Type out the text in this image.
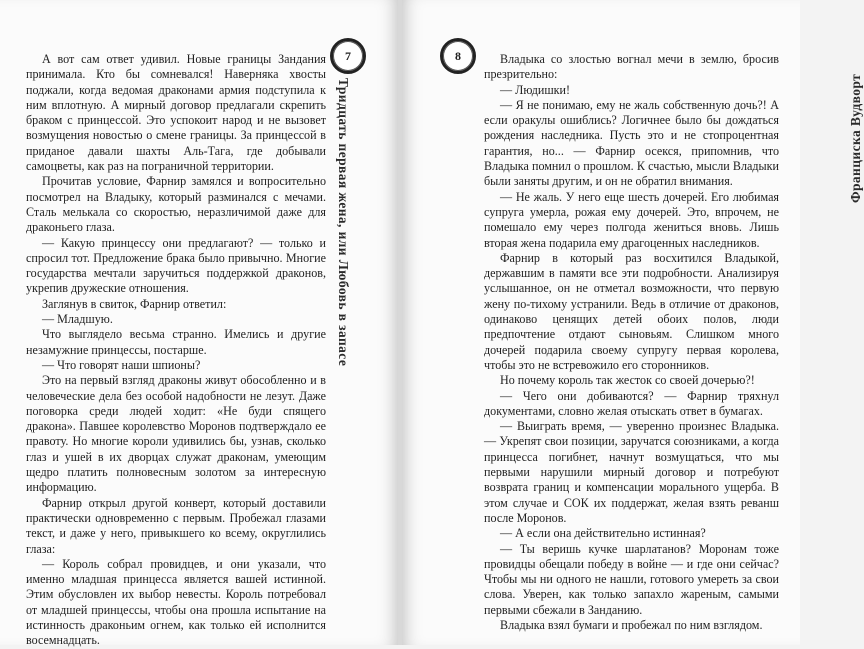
7
Тридцать первая жена, или Любовь в запасе

А вот сам ответ удивил. Новые границы Зандания принимала. Кто бы сомневался! Наверняка хвосты поджали, когда ведомая драконами армия подступила к ним вплотную. А мирный договор предлагали скрепить браком с принцессой. Это успокоит народ и не вызовет возмущения новостью о смене границы. За принцессой в приданое давали шахты Аль-Тага, где добывали самоцветы, как раз на пограничной территории.

Прочитав условие, Фарнир замялся и вопросительно посмотрел на Владыку, который разминался с мечами. Сталь мелькала со скоростью, неразличимой даже для драконьего глаза.

— Какую принцессу они предлагают? — только и спросил тот. Предложение брака было привычно. Многие государства мечтали заручиться поддержкой драконов, укрепив дружеские отношения.

Заглянув в свиток, Фарнир ответил:

— Младшую.

Что выглядело весьма странно. Имелись и другие незамужние принцессы, постарше.

— Что говорят наши шпионы?

Это на первый взгляд драконы живут обособленно и в человеческие дела без особой надобности не лезут. Даже поговорка среди людей ходит: «Не буди спящего дракона». Павшее королевство Моронов подтверждало ее правоту. Но многие короли удивились бы, узнав, сколько глаз и ушей в их дворцах служат драконам, умеющим щедро платить полновесным золотом за интересную информацию.

Фарнир открыл другой конверт, который доставили практически одновременно с первым. Пробежал глазами текст, и даже у него, привыкшего ко всему, округлились глаза:

— Король собрал провидцев, и они указали, что именно младшая принцесса является вашей истинной. Этим обусловлен их выбор невесты. Король потребовал от младшей принцессы, чтобы она прошла испытание на истинность драконьим огнем, как только ей исполнится восемнадцать.

8
Франциска Вудворт

Владыка со злостью вогнал мечи в землю, бросив презрительно:

— Людишки!

— Я не понимаю, ему не жаль собственную дочь?! А если оракулы ошиблись? Логичнее было бы дождаться рождения наследника. Пусть это и не стопроцентная гарантия, но... — Фарнир осекся, припомнив, что Владыка помнил о прошлом. К счастью, мысли Владыки были заняты другим, и он не обратил внимания.

— Не жаль. У него еще шесть дочерей. Его любимая супруга умерла, рожая ему дочерей. Это, впрочем, не помешало ему через полгода жениться вновь. Лишь вторая жена подарила ему драгоценных наследников.

Фарнир в который раз восхитился Владыкой, державшим в памяти все эти подробности. Анализируя услышанное, он не отметал возможности, что первую жену по-тихому устранили. Ведь в отличие от драконов, одинаково ценящих детей обоих полов, люди предпочтение отдают сыновьям. Слишком много дочерей подарила своему супругу первая королева, чтобы это не встревожило его сторонников.

Но почему король так жесток со своей дочерью?!

— Чего они добиваются? — Фарнир тряхнул документами, словно желая отыскать ответ в бумагах.

— Выиграть время, — уверенно произнес Владыка. — Укрепят свои позиции, заручатся союзниками, а когда принцесса погибнет, начнут возмущаться, что мы первыми нарушили мирный договор и потребуют возврата границ и компенсации морального ущерба. В этом случае и СОК их поддержат, желая взять реванш после Моронов.

— А если она действительно истинная?

— Ты веришь кучке шарлатанов? Моронам тоже провидцы обещали победу в войне — и где они сейчас? Чтобы мы ни одного не нашли, готового умереть за свои слова. Уверен, как только запахло жареным, самыми первыми сбежали в Занданию.

Владыка взял бумаги и пробежал по ним взглядом.
